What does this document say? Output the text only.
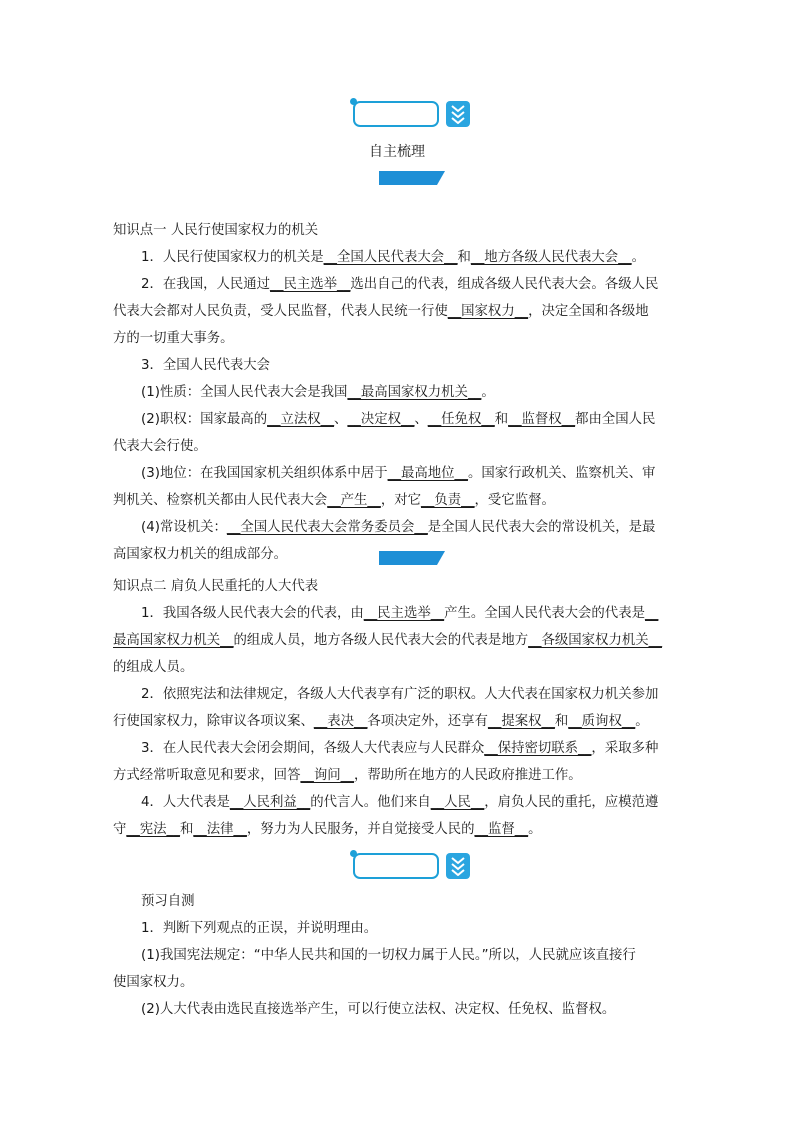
自主梳理
知识点一 人民行使国家权力的机关
1．人民行使国家权力的机关是__全国人民代表大会__和__地方各级人民代表大会__。
2．在我国，人民通过__民主选举__选出自己的代表，组成各级人民代表大会。各级人民
代表大会都对人民负责，受人民监督，代表人民统一行使__国家权力__，决定全国和各级地
方的一切重大事务。
3．全国人民代表大会
(1)性质：全国人民代表大会是我国__最高国家权力机关__。
(2)职权：国家最高的__立法权__、__决定权__、__任免权__和__监督权__都由全国人民
代表大会行使。
(3)地位：在我国国家机关组织体系中居于__最高地位__。国家行政机关、监察机关、审
判机关、检察机关都由人民代表大会__产生__，对它__负责__，受它监督。
(4)常设机关：__全国人民代表大会常务委员会__是全国人民代表大会的常设机关，是最
高国家权力机关的组成部分。
知识点二 肩负人民重托的人大代表
1．我国各级人民代表大会的代表，由__民主选举__产生。全国人民代表大会的代表是__
最高国家权力机关__的组成人员，地方各级人民代表大会的代表是地方__各级国家权力机关__
的组成人员。
2．依照宪法和法律规定，各级人大代表享有广泛的职权。人大代表在国家权力机关参加
行使国家权力，除审议各项议案、__表决__各项决定外，还享有__提案权__和__质询权__。
3．在人民代表大会闭会期间，各级人大代表应与人民群众__保持密切联系__，采取多种
方式经常听取意见和要求，回答__询问__，帮助所在地方的人民政府推进工作。
4．人大代表是__人民利益__的代言人。他们来自__人民__，肩负人民的重托，应模范遵
守__宪法__和__法律__，努力为人民服务，并自觉接受人民的__监督__。
预习自测
1．判断下列观点的正误，并说明理由。
(1)我国宪法规定：“中华人民共和国的一切权力属于人民。”所以，人民就应该直接行
使国家权力。
(2)人大代表由选民直接选举产生，可以行使立法权、决定权、任免权、监督权。
